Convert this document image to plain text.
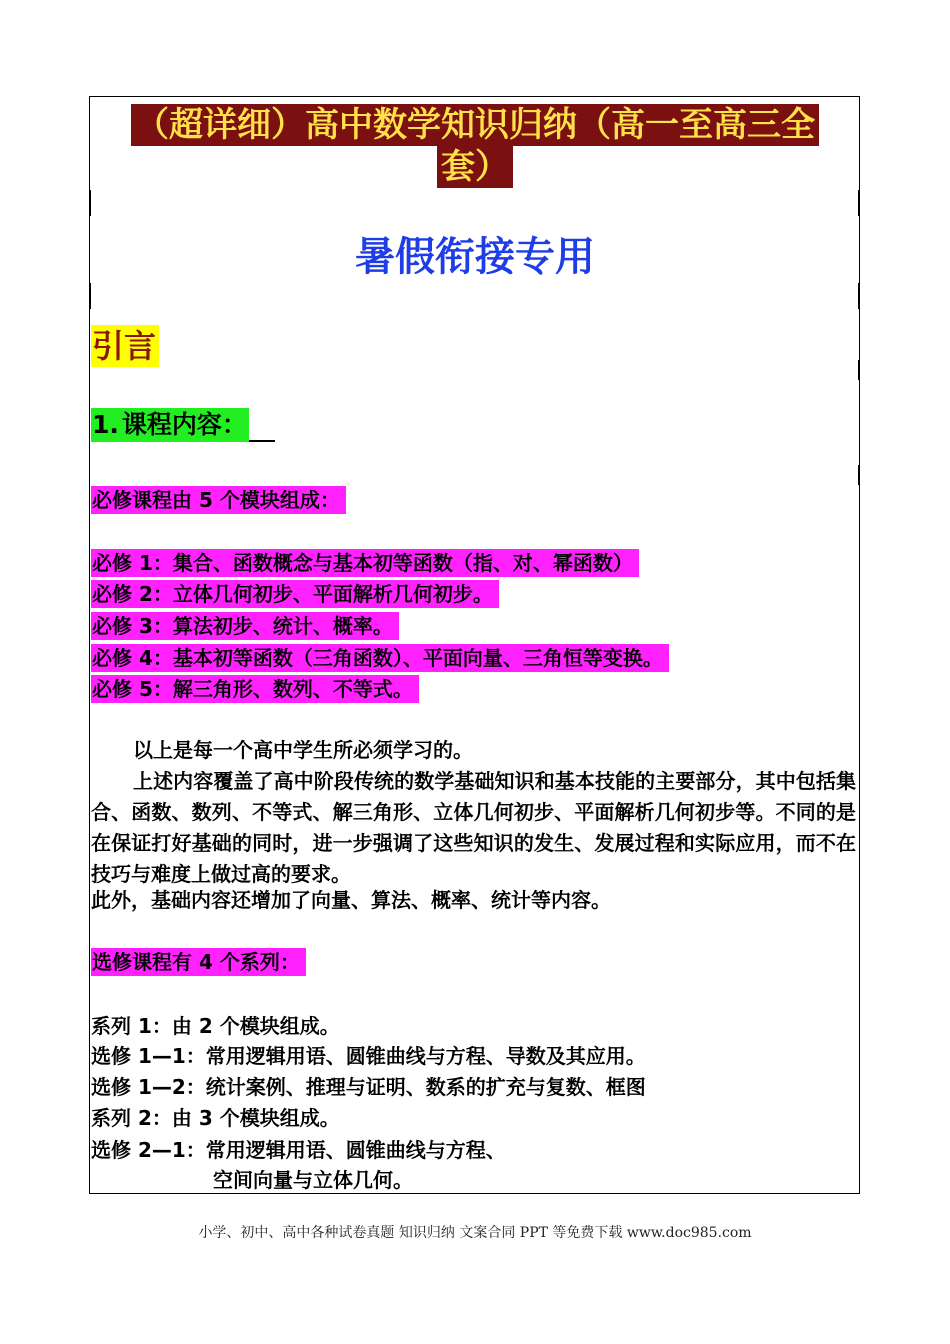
（超详细）高中数学知识归纳（高一至高三全
套）
暑假衔接专用
引言
1. 课程内容：
必修课程由 5 个模块组成：
必修 1：集合、函数概念与基本初等函数（指、对、幂函数）
必修 2：立体几何初步、平面解析几何初步。
必修 3：算法初步、统计、概率。
必修 4：基本初等函数（三角函数）、平面向量、三角恒等变换。
必修 5：解三角形、数列、不等式。
以上是每一个高中学生所必须学习的。
上述内容覆盖了高中阶段传统的数学基础知识和基本技能的主要部分，其中包括集合、函数、数列、不等式、解三角形、立体几何初步、平面解析几何初步等。不同的是在保证打好基础的同时，进一步强调了这些知识的发生、发展过程和实际应用，而不在技巧与难度上做过高的要求。
此外，基础内容还增加了向量、算法、概率、统计等内容。
选修课程有 4 个系列：
系列 1：由 2 个模块组成。
选修 1—1：常用逻辑用语、圆锥曲线与方程、导数及其应用。
选修 1—2：统计案例、推理与证明、数系的扩充与复数、框图
系列 2：由 3 个模块组成。
选修 2—1：常用逻辑用语、圆锥曲线与方程、
空间向量与立体几何。
小学、初中、高中各种试卷真题 知识归纳 文案合同 PPT 等免费下载 www.doc985.com
